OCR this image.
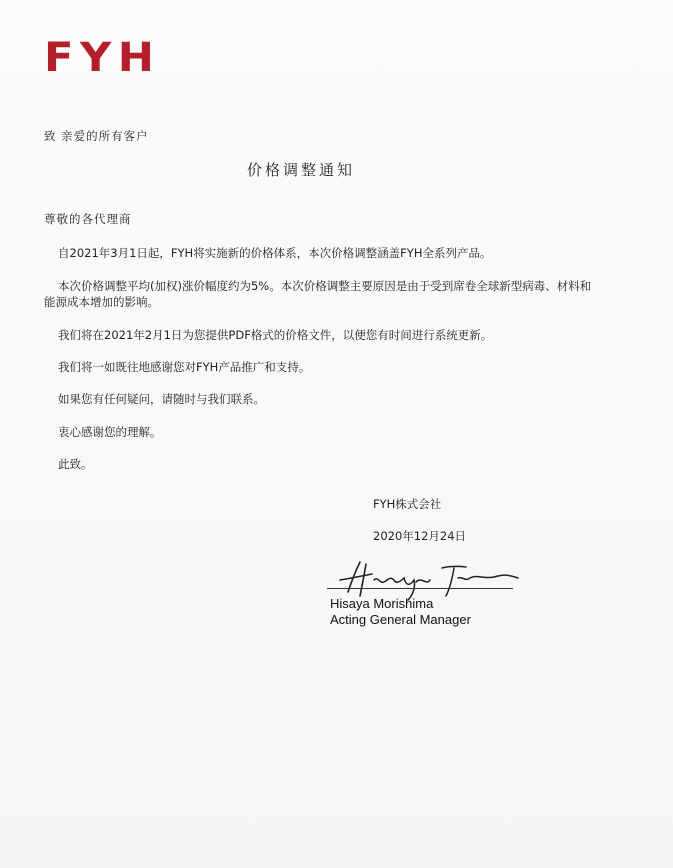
FYH
致 亲爱的所有客户
价格调整通知
尊敬的各代理商
自2021年3月1日起，FYH将实施新的价格体系，本次价格调整涵盖FYH全系列产品。
本次价格调整平均(加权)涨价幅度约为5%。本次价格调整主要原因是由于受到席卷全球新型病毒、材料和
能源成本增加的影响。
我们将在2021年2月1日为您提供PDF格式的价格文件，以便您有时间进行系统更新。
我们将一如既往地感谢您对FYH产品推广和支持。
如果您有任何疑问，请随时与我们联系。
衷心感谢您的理解。
此致。
FYH株式会社
2020年12月24日
Hisaya Morishima
Acting General Manager
